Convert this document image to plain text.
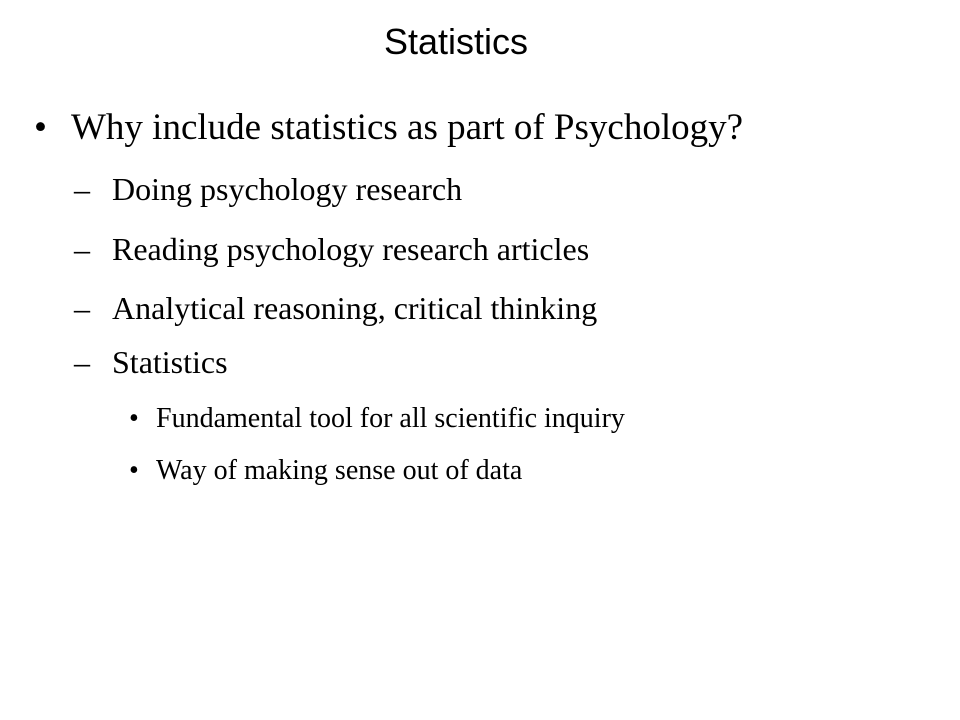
Statistics
• Why include statistics as part of Psychology?
– Doing psychology research
– Reading psychology research articles
– Analytical reasoning, critical thinking
– Statistics
• Fundamental tool for all scientific inquiry
• Way of making sense out of data
